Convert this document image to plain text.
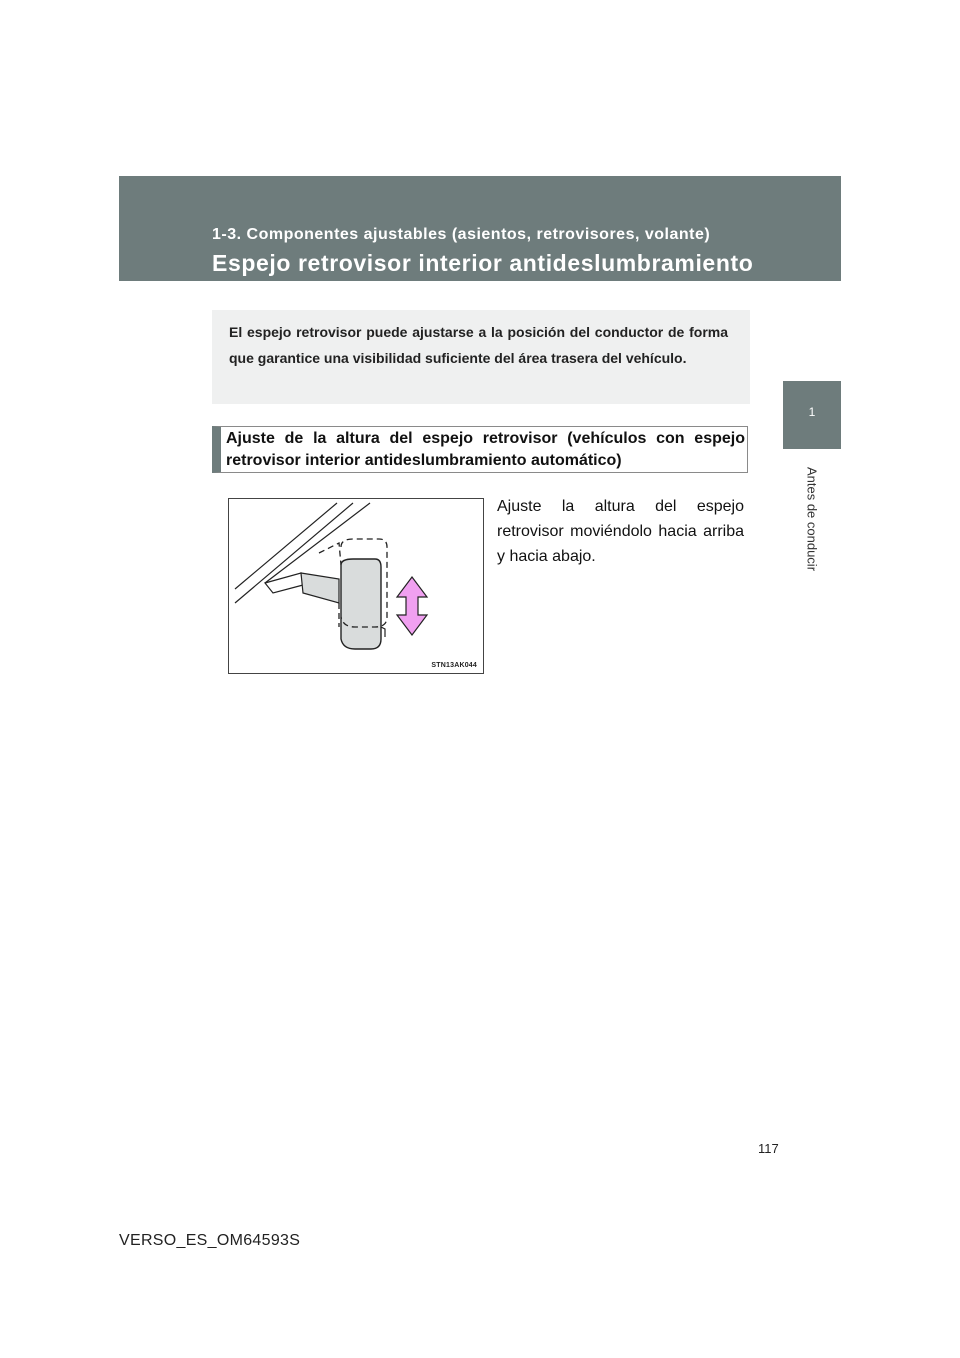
1-3. Componentes ajustables (asientos, retrovisores, volante)
Espejo retrovisor interior antideslumbramiento
1
Antes de conducir
El espejo retrovisor puede ajustarse a la posición del conductor de forma que garantice una visibilidad suficiente del área trasera del vehículo.
Ajuste de la altura del espejo retrovisor (vehículos con espejo retrovisor interior antideslumbramiento automático)
STN13AK044
Ajuste la altura del espejo retrovisor moviéndolo hacia arriba y hacia abajo.
117
VERSO_ES_OM64593S
